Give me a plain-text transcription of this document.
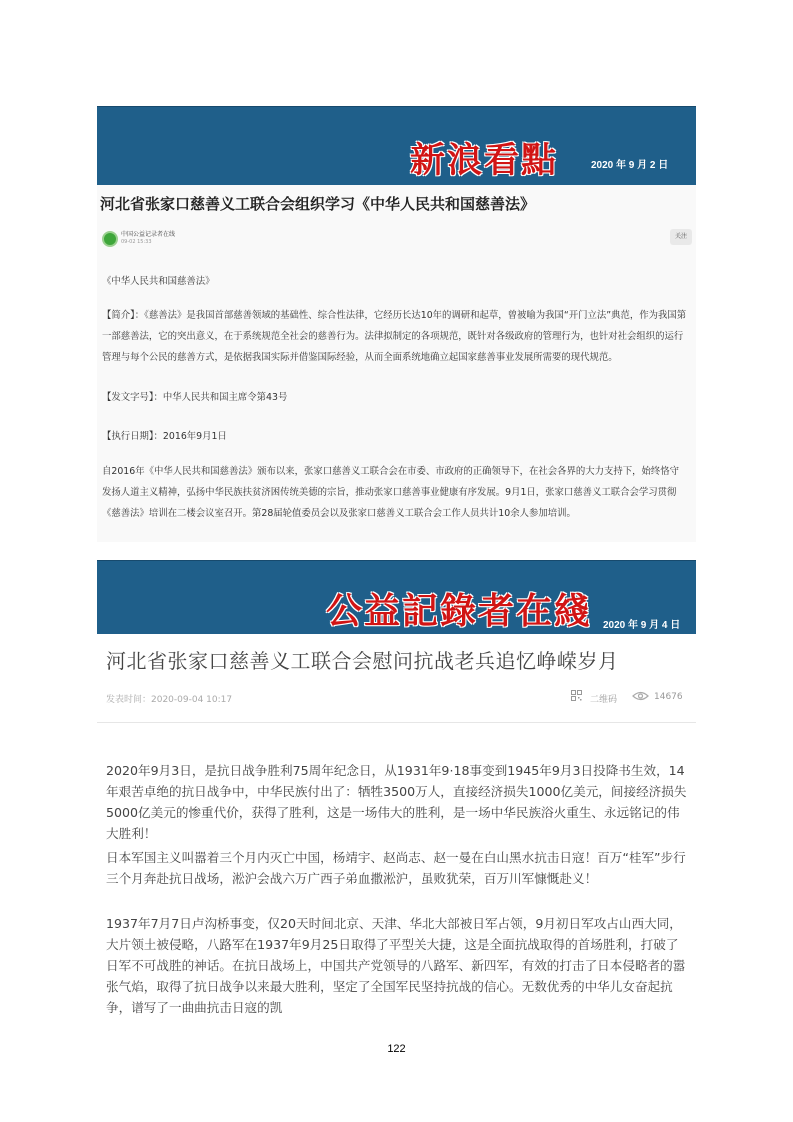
新浪看點	2020 年 9 月 2 日
河北省张家口慈善义工联合会组织学习《中华人民共和国慈善法》
中国公益记录者在线
09-02 15:33
关注
《中华人民共和国慈善法》
【简介】：《慈善法》是我国首部慈善领域的基础性、综合性法律，它经历长达10年的调研和起草，曾被喻为我国“开门立法”典范，作为我国第一部慈善法，它的突出意义，在于系统规范全社会的慈善行为。法律拟制定的各项规范，既针对各级政府的管理行为，也针对社会组织的运行管理与每个公民的慈善方式，是依据我国实际并借鉴国际经验，从而全面系统地确立起国家慈善事业发展所需要的现代规范。
【发文字号】：中华人民共和国主席令第43号
【执行日期】：2016年9月1日
自2016年《中华人民共和国慈善法》颁布以来，张家口慈善义工联合会在市委、市政府的正确领导下，在社会各界的大力支持下，始终恪守发扬人道主义精神，弘扬中华民族扶贫济困传统美德的宗旨，推动张家口慈善事业健康有序发展。9月1日，张家口慈善义工联合会学习贯彻《慈善法》培训在二楼会议室召开。第28届轮值委员会以及张家口慈善义工联合会工作人员共计10余人参加培训。
公益記錄者在綫 2020 年 9 月 4 日
河北省张家口慈善义工联合会慰问抗战老兵追忆峥嵘岁月
发表时间：2020-09-04 10:17	二维码	14676
2020年9月3日，是抗日战争胜利75周年纪念日，从1931年9·18事变到1945年9月3日投降书生效，14年艰苦卓绝的抗日战争中，中华民族付出了：牺牲3500万人，直接经济损失1000亿美元，间接经济损失5000亿美元的惨重代价，获得了胜利，这是一场伟大的胜利，是一场中华民族浴火重生、永远铭记的伟大胜利！
日本军国主义叫嚣着三个月内灭亡中国，杨靖宇、赵尚志、赵一曼在白山黑水抗击日寇！百万“桂军”步行三个月奔赴抗日战场，淞沪会战六万广西子弟血撒淞沪，虽败犹荣，百万川军慷慨赴义！
1937年7月7日卢沟桥事变，仅20天时间北京、天津、华北大部被日军占领，9月初日军攻占山西大同，大片领土被侵略，八路军在1937年9月25日取得了平型关大捷，这是全面抗战取得的首场胜利，打破了日军不可战胜的神话。在抗日战场上，中国共产党领导的八路军、新四军，有效的打击了日本侵略者的嚣张气焰，取得了抗日战争以来最大胜利，坚定了全国军民坚持抗战的信心。无数优秀的中华儿女奋起抗争，谱写了一曲曲抗击日寇的凯
122
